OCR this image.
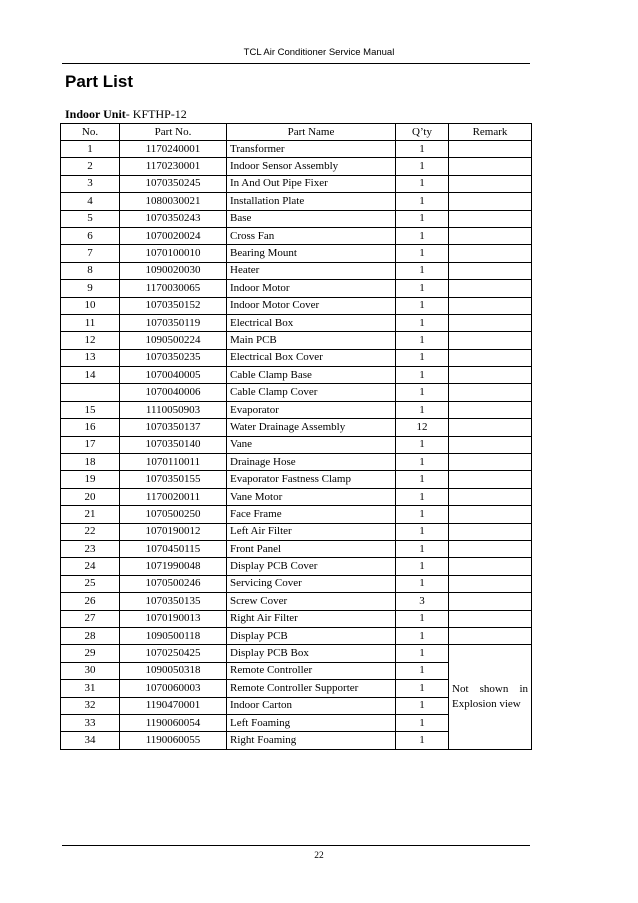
TCL Air Conditioner Service Manual
Part List
Indoor Unit- KFTHP-12
No.	Part No.	Part Name	Q’ty	Remark
1	1170240001	Transformer	1	
2	1170230001	Indoor Sensor Assembly	1	
3	1070350245	In And Out Pipe Fixer	1	
4	1080030021	Installation Plate	1	
5	1070350243	Base	1	
6	1070020024	Cross Fan	1	
7	1070100010	Bearing Mount	1	
8	1090020030	Heater	1	
9	1170030065	Indoor Motor	1	
10	1070350152	Indoor Motor Cover	1	
11	1070350119	Electrical Box	1	
12	1090500224	Main PCB	1	
13	1070350235	Electrical Box Cover	1	
14	1070040005	Cable Clamp Base	1	
	1070040006	Cable Clamp Cover	1	
15	1110050903	Evaporator	1	
16	1070350137	Water Drainage Assembly	12	
17	1070350140	Vane	1	
18	1070110011	Drainage Hose	1	
19	1070350155	Evaporator Fastness Clamp	1	
20	1170020011	Vane Motor	1	
21	1070500250	Face Frame	1	
22	1070190012	Left Air Filter	1	
23	1070450115	Front Panel	1	
24	1071990048	Display PCB Cover	1	
25	1070500246	Servicing Cover	1	
26	1070350135	Screw Cover	3	
27	1070190013	Right Air Filter	1	
28	1090500118	Display PCB	1	
29	1070250425	Display PCB Box	1	Not shown in
Explosion view

30	1090050318	Remote Controller	1	
31	1070060003	Remote Controller Supporter	1	
32	1190470001	Indoor Carton	1	
33	1190060054	Left Foaming	1	
34	1190060055	Right Foaming	1	
22
